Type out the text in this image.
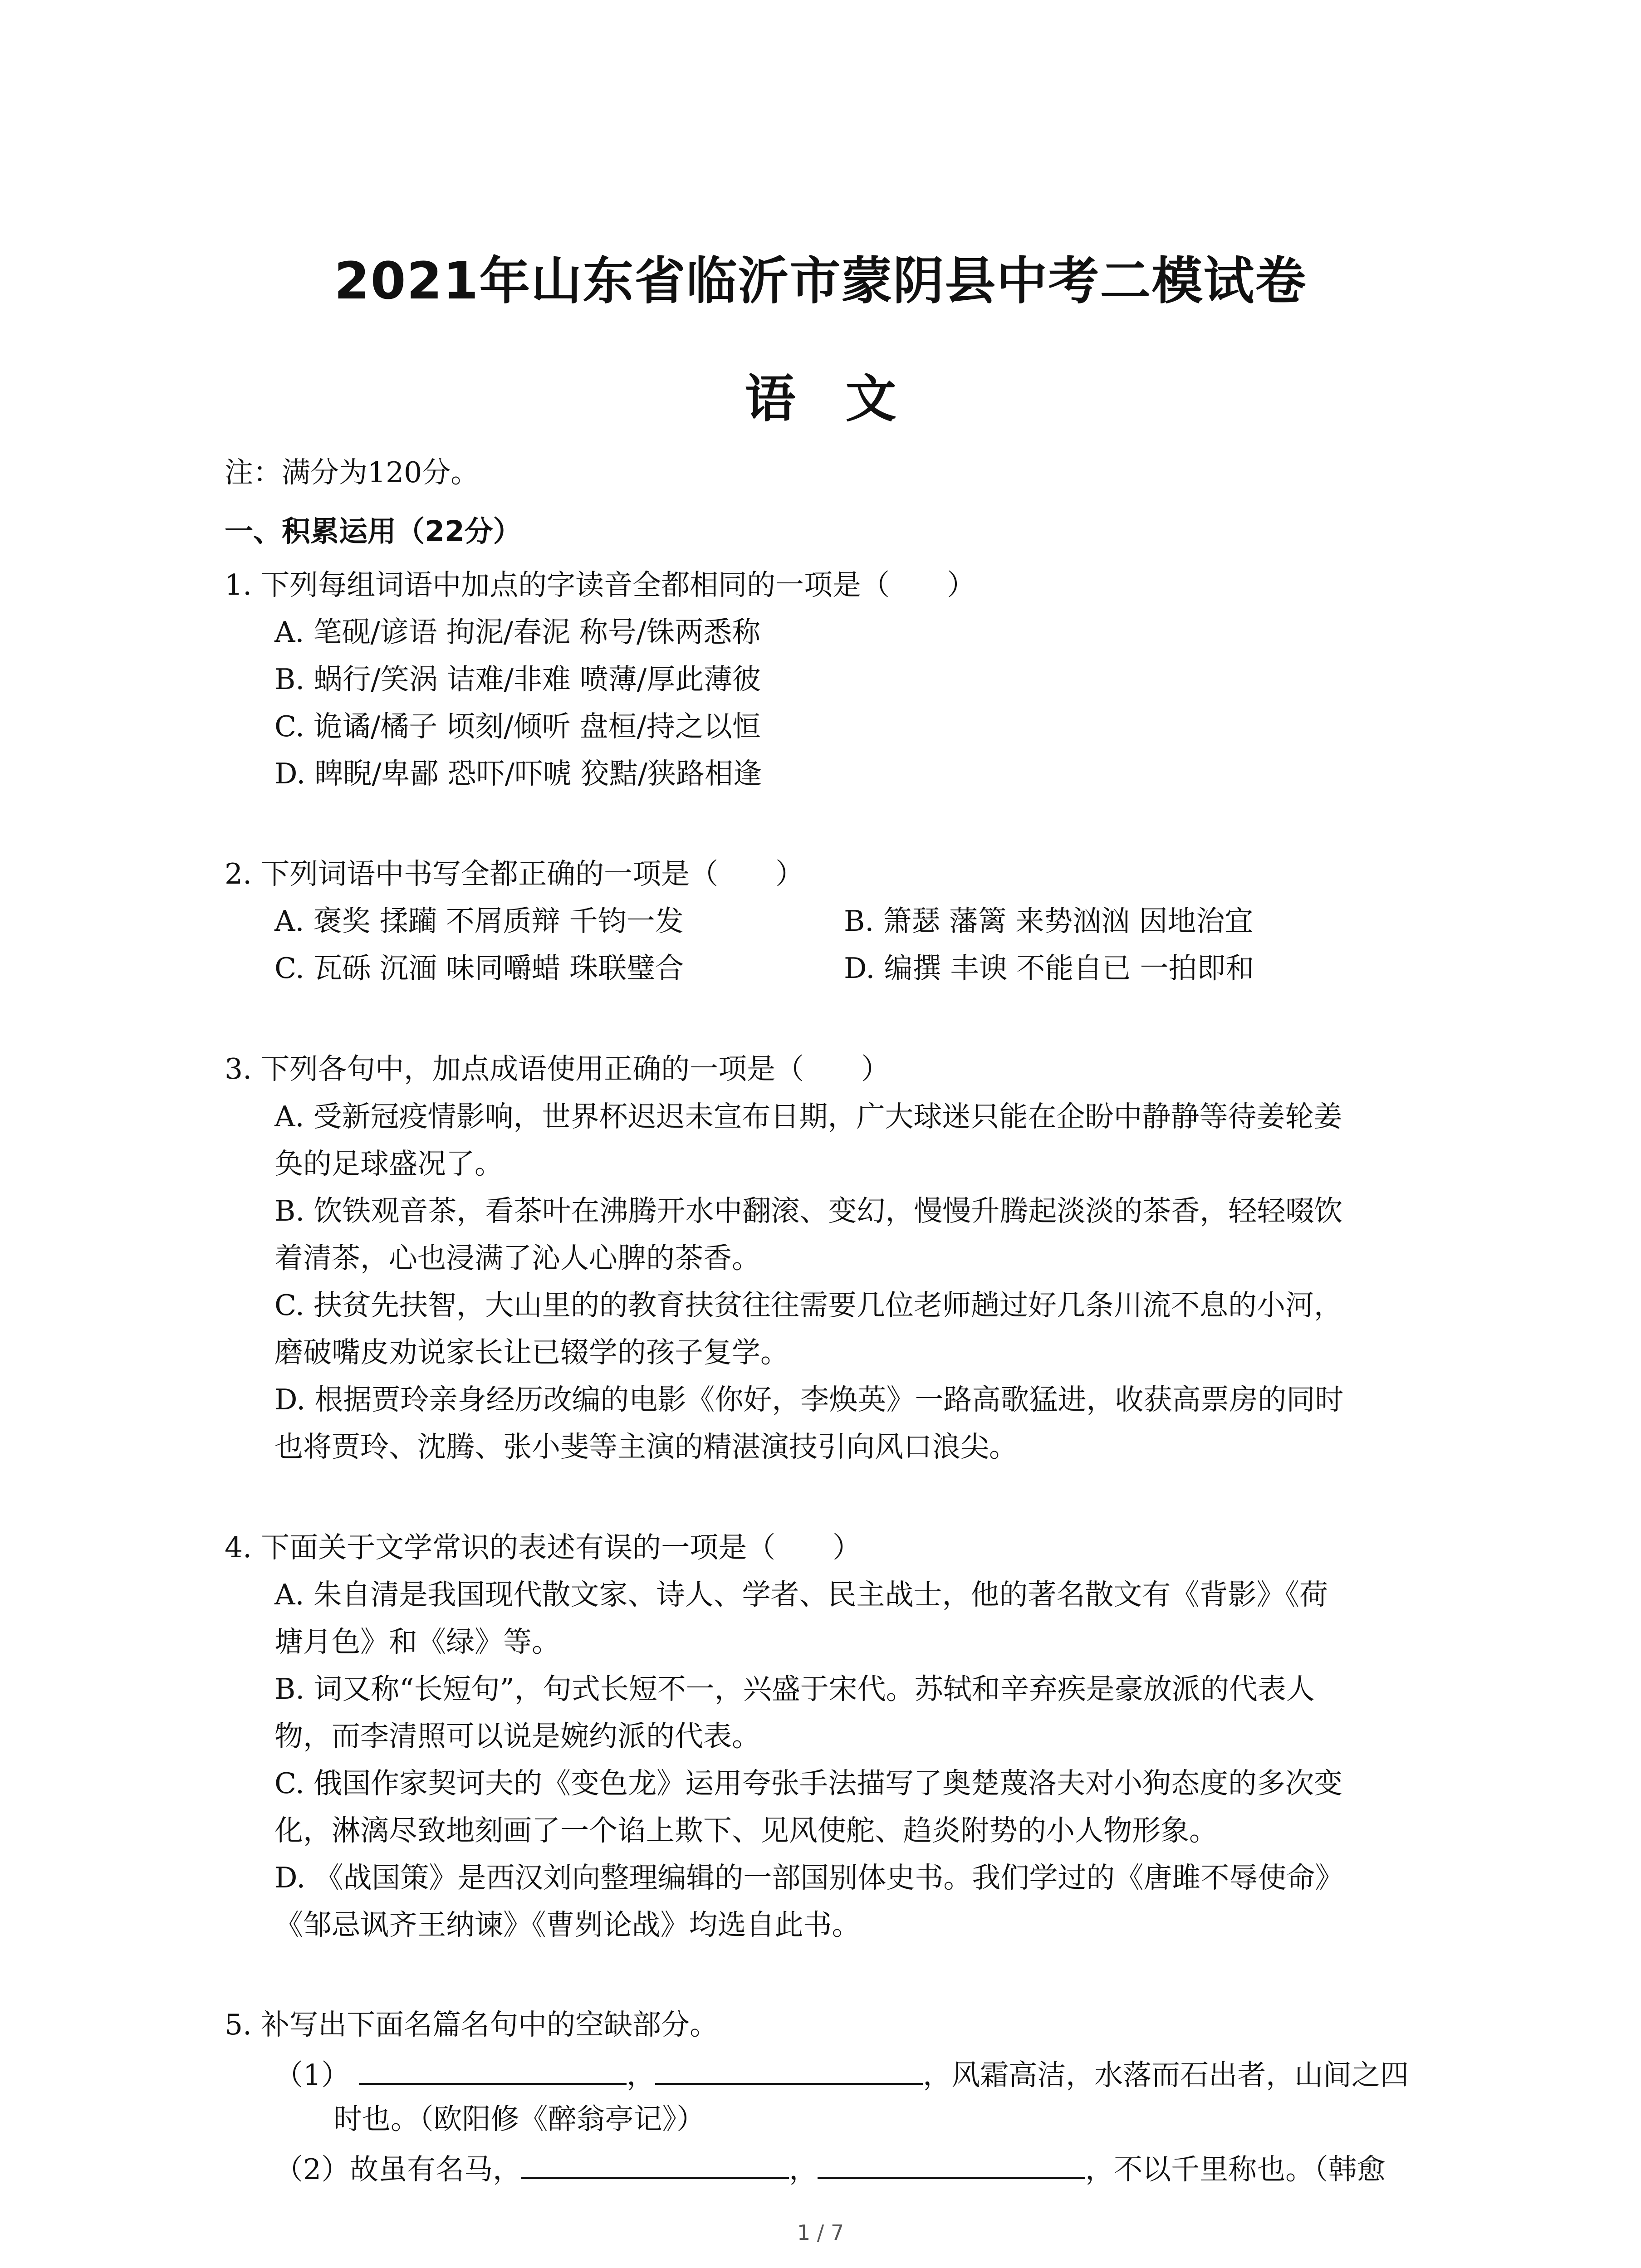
2021年山东省临沂市蒙阴县中考二模试卷
语文
注：满分为120分。
一、积累运用（22分）
1. 下列每组词语中加点的字读音全都相同的一项是（　　）
A. 笔砚/谚语 拘泥/春泥 称号/铢两悉称
B. 蜗行/笑涡 诘难/非难 喷薄/厚此薄彼
C. 诡谲/橘子 顷刻/倾听 盘桓/持之以恒
D. 睥睨/卑鄙 恐吓/吓唬 狡黠/狭路相逢
2. 下列词语中书写全都正确的一项是（　　）
A. 褒奖 揉躏 不屑质辩 千钧一发	B. 箫瑟 藩篱 来势汹汹 因地治宜
C. 瓦砾 沉湎 味同嚼蜡 珠联璧合	D. 编撰 丰谀 不能自已 一拍即和
3. 下列各句中，加点成语使用正确的一项是（　　）
A. 受新冠疫情影响，世界杯迟迟未宣布日期，广大球迷只能在企盼中静静等待姜轮姜
奂的足球盛况了。
B. 饮铁观音茶，看茶叶在沸腾开水中翻滚、变幻，慢慢升腾起淡淡的茶香，轻轻啜饮
着清茶，心也浸满了沁人心脾的茶香。
C. 扶贫先扶智，大山里的的教育扶贫往往需要几位老师趟过好几条川流不息的小河，
磨破嘴皮劝说家长让已辍学的孩子复学。
D. 根据贾玲亲身经历改编的电影《你好，李焕英》一路高歌猛进，收获高票房的同时
也将贾玲、沈腾、张小斐等主演的精湛演技引向风口浪尖。
4. 下面关于文学常识的表述有误的一项是（　　）
A. 朱自清是我国现代散文家、诗人、学者、民主战士，他的著名散文有《背影》《荷
塘月色》和《绿》等。
B. 词又称“长短句”，句式长短不一，兴盛于宋代。苏轼和辛弃疾是豪放派的代表人
物，而李清照可以说是婉约派的代表。
C. 俄国作家契诃夫的《变色龙》运用夸张手法描写了奥楚蔑洛夫对小狗态度的多次变
化，淋漓尽致地刻画了一个谄上欺下、见风使舵、趋炎附势的小人物形象。
D. 《战国策》是西汉刘向整理编辑的一部国别体史书。我们学过的《唐雎不辱使命》
《邹忌讽齐王纳谏》《曹刿论战》均选自此书。
5. 补写出下面名篇名句中的空缺部分。
（1）	，	，风霜高洁，水落而石出者，山间之四
时也。（欧阳修《醉翁亭记》）
（2）故虽有名马，	，	，不以千里称也。（韩愈
1 / 7
